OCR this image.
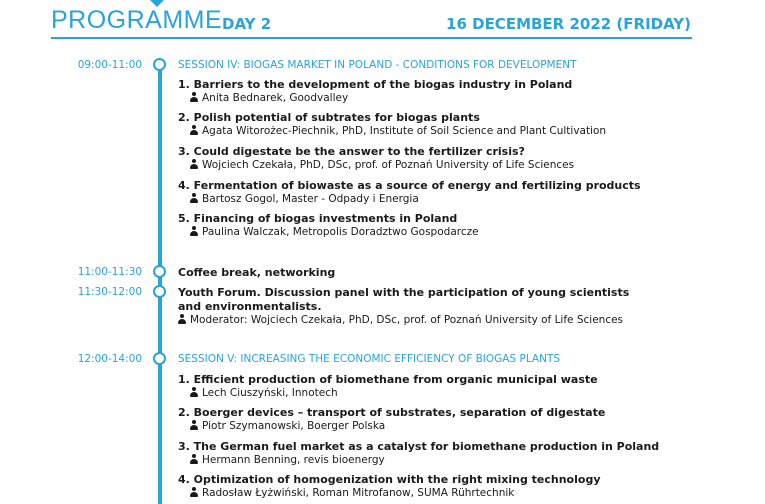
PROGRAMME DAY 2	16 DECEMBER 2022 (FRIDAY)
09:00-11:00	SESSION IV: BIOGAS MARKET IN POLAND - CONDITIONS FOR DEVELOPMENT
1. Barriers to the development of the biogas industry in Poland
Anita Bednarek, Goodvalley
2. Polish potential of subtrates for biogas plants
Agata Witorożec-Piechnik, PhD, Institute of Soil Science and Plant Cultivation
3. Could digestate be the answer to the fertilizer crisis?
Wojciech Czekała, PhD, DSc, prof. of Poznań University of Life Sciences
4. Fermentation of biowaste as a source of energy and fertilizing products
Bartosz Gogol, Master - Odpady i Energia
5. Financing of biogas investments in Poland
Paulina Walczak, Metropolis Doradztwo Gospodarcze
11:00-11:30	Coffee break, networking
11:30-12:00	Youth Forum. Discussion panel with the participation of young scientists and environmentalists.
Moderator: Wojciech Czekała, PhD, DSc, prof. of Poznań University of Life Sciences
12:00-14:00	SESSION V: INCREASING THE ECONOMIC EFFICIENCY OF BIOGAS PLANTS
1. Efficient production of biomethane from organic municipal waste
Lech Ciuszyński, Innotech
2. Boerger devices – transport of substrates, separation of digestate
Piotr Szymanowski, Boerger Polska
3. The German fuel market as a catalyst for biomethane production in Poland
Hermann Benning, revis bioenergy
4. Optimization of homogenization with the right mixing technology
Radosław Łyżwiński, Roman Mitrofanow, SUMA Rührtechnik
